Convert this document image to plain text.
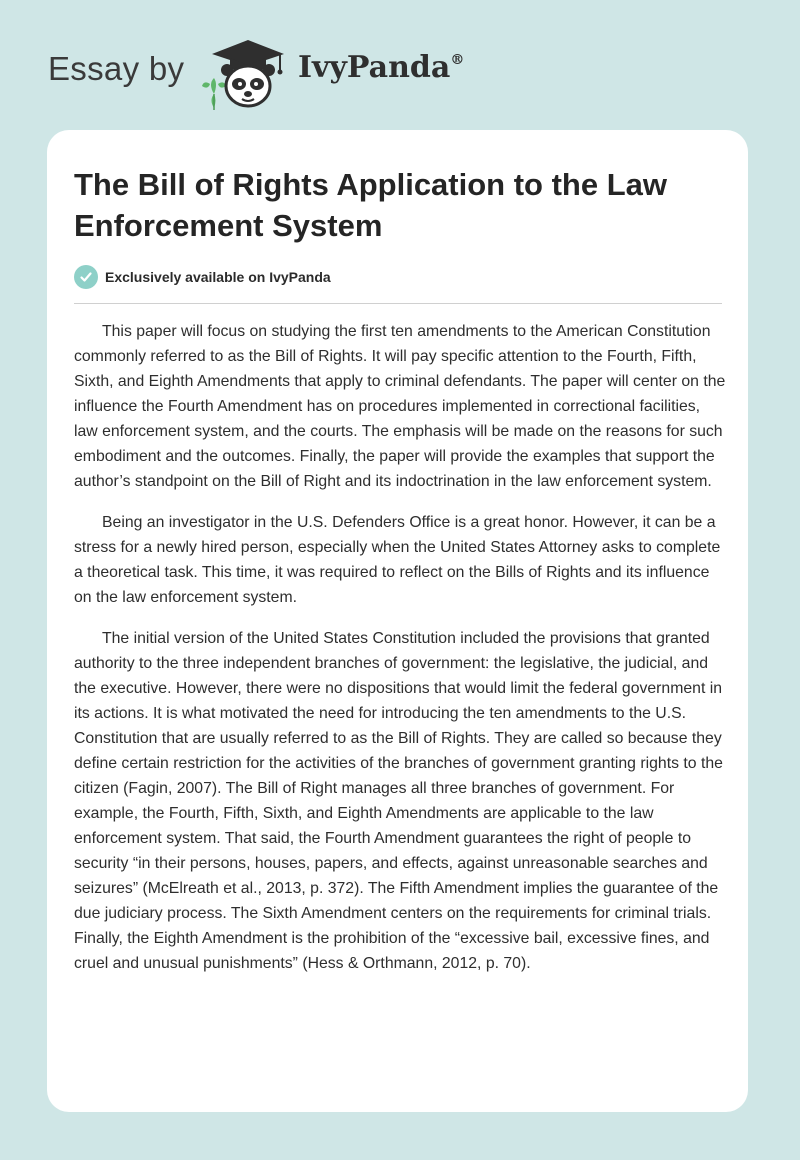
Essay by	IvyPanda®
The Bill of Rights Application to the Law Enforcement System
Exclusively available on IvyPanda

This paper will focus on studying the first ten amendments to the American Constitution commonly referred to as the Bill of Rights. It will pay specific attention to the Fourth, Fifth, Sixth, and Eighth Amendments that apply to criminal defendants. The paper will center on the influence the Fourth Amendment has on procedures implemented in correctional facilities, law enforcement system, and the courts. The emphasis will be made on the reasons for such embodiment and the outcomes. Finally, the paper will provide the examples that support the author’s standpoint on the Bill of Right and its indoctrination in the law enforcement system.

Being an investigator in the U.S. Defenders Office is a great honor. However, it can be a stress for a newly hired person, especially when the United States Attorney asks to complete a theoretical task. This time, it was required to reflect on the Bills of Rights and its influence on the law enforcement system.

The initial version of the United States Constitution included the provisions that granted authority to the three independent branches of government: the legislative, the judicial, and the executive. However, there were no dispositions that would limit the federal government in its actions. It is what motivated the need for introducing the ten amendments to the U.S. Constitution that are usually referred to as the Bill of Rights. They are called so because they define certain restriction for the activities of the branches of government granting rights to the citizen (Fagin, 2007). The Bill of Right manages all three branches of government. For example, the Fourth, Fifth, Sixth, and Eighth Amendments are applicable to the law enforcement system. That said, the Fourth Amendment guarantees the right of people to security “in their persons, houses, papers, and effects, against unreasonable searches and seizures” (McElreath et al., 2013, p. 372). The Fifth Amendment implies the guarantee of the due judiciary process. The Sixth Amendment centers on the requirements for criminal trials. Finally, the Eighth Amendment is the prohibition of the “excessive bail, excessive fines, and cruel and unusual punishments” (Hess & Orthmann, 2012, p. 70).
